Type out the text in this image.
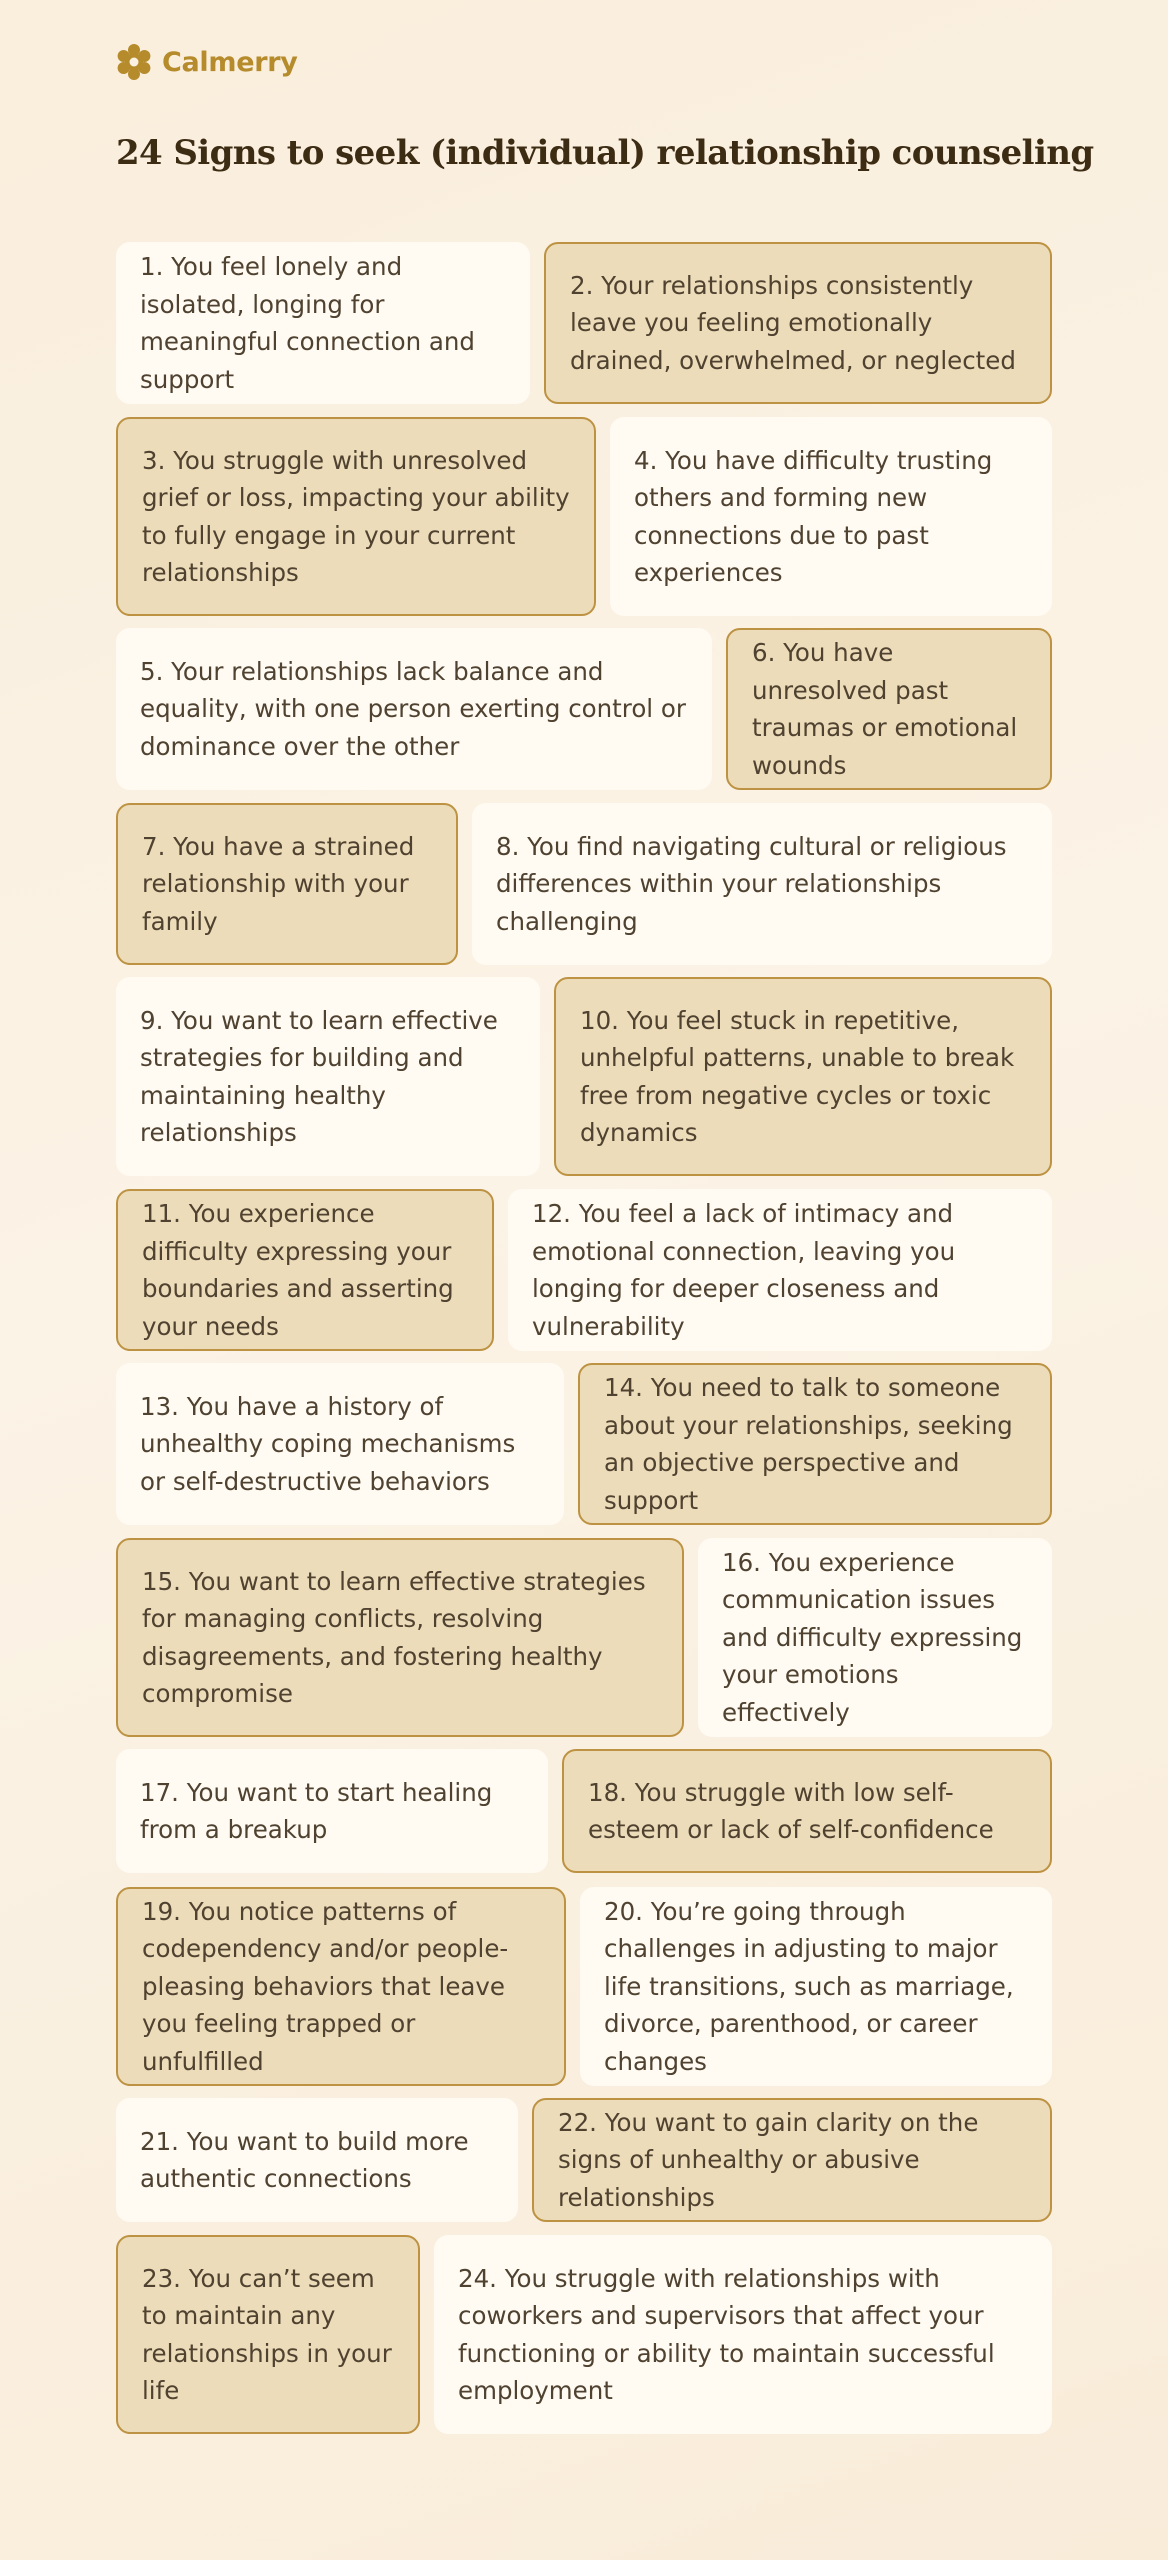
Calmerry
24 Signs to seek (individual) relationship counseling
1. You feel lonely and isolated, longing for meaningful connection and support
2. Your relationships consistently leave you feeling emotionally drained, overwhelmed, or neglected
3. You struggle with unresolved grief or loss, impacting your ability to fully engage in your current relationships
4. You have difficulty trusting others and forming new connections due to past experiences
5. Your relationships lack balance and equality, with one person exerting control or dominance over the other
6. You have unresolved past traumas or emotional wounds
7. You have a strained relationship with your family
8. You find navigating cultural or religious differences within your relationships challenging
9. You want to learn effective strategies for building and maintaining healthy relationships
10. You feel stuck in repetitive, unhelpful patterns, unable to break free from negative cycles or toxic dynamics
11. You experience difficulty expressing your boundaries and asserting your needs
12. You feel a lack of intimacy and emotional connection, leaving you longing for deeper closeness and vulnerability
13. You have a history of unhealthy coping mechanisms or self-destructive behaviors
14. You need to talk to someone about your relationships, seeking an objective perspective and support
15. You want to learn effective strategies for managing conflicts, resolving disagreements, and fostering healthy compromise
16. You experience communication issues and difficulty expressing your emotions effectively
17. You want to start healing from a breakup
18. You struggle with low self-esteem or lack of self-confidence
19. You notice patterns of codependency and/or people-pleasing behaviors that leave you feeling trapped or unfulfilled
20. You’re going through challenges in adjusting to major life transitions, such as marriage, divorce, parenthood, or career changes
21. You want to build more authentic connections
22. You want to gain clarity on the signs of unhealthy or abusive relationships
23. You can’t seem to maintain any relationships in your life
24. You struggle with relationships with coworkers and supervisors that affect your functioning or ability to maintain successful employment
